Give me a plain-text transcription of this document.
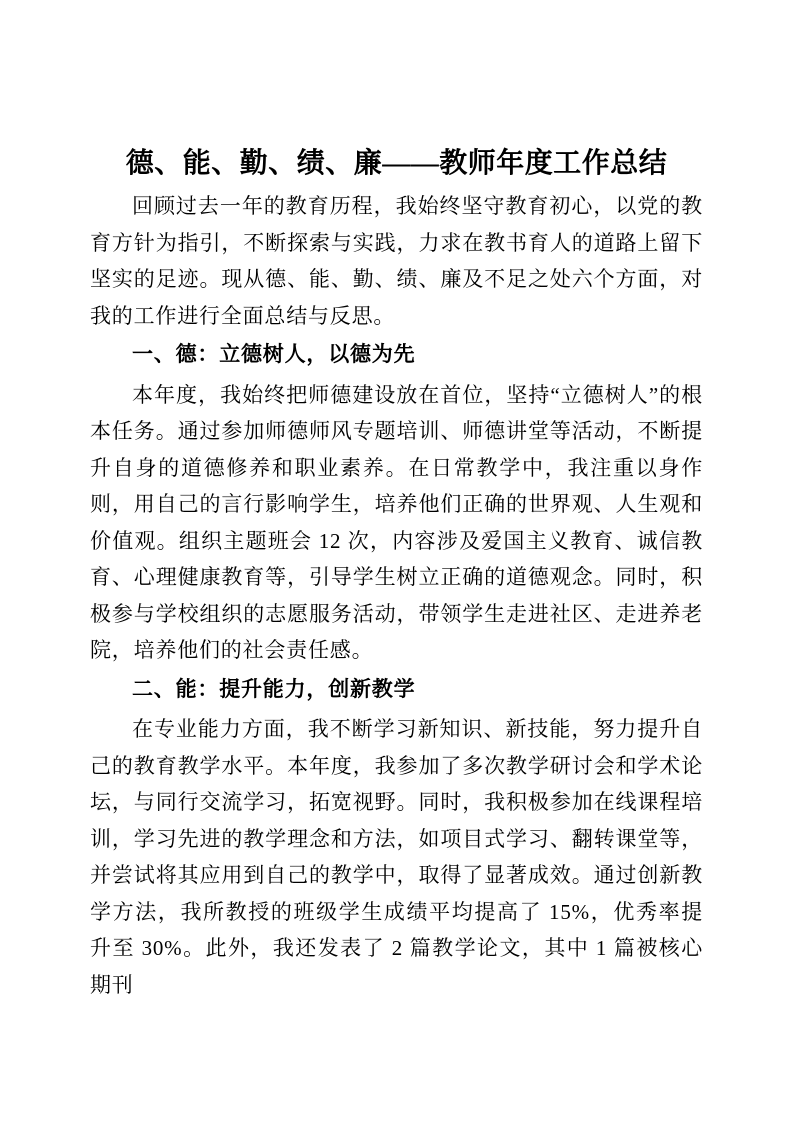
德、能、勤、绩、廉——教师年度工作总结

回顾过去一年的教育历程，我始终坚守教育初心，以党的教育方针为指引，不断探索与实践，力求在教书育人的道路上留下坚实的足迹。现从德、能、勤、绩、廉及不足之处六个方面，对我的工作进行全面总结与反思。

一、德：立德树人，以德为先

本年度，我始终把师德建设放在首位，坚持“立德树人”的根本任务。通过参加师德师风专题培训、师德讲堂等活动，不断提升自身的道德修养和职业素养。在日常教学中，我注重以身作则，用自己的言行影响学生，培养他们正确的世界观、人生观和价值观。组织主题班会 12 次，内容涉及爱国主义教育、诚信教育、心理健康教育等，引导学生树立正确的道德观念。同时，积极参与学校组织的志愿服务活动，带领学生走进社区、走进养老院，培养他们的社会责任感。

二、能：提升能力，创新教学

在专业能力方面，我不断学习新知识、新技能，努力提升自己的教育教学水平。本年度，我参加了多次教学研讨会和学术论坛，与同行交流学习，拓宽视野。同时，我积极参加在线课程培训，学习先进的教学理念和方法，如项目式学习、翻转课堂等，并尝试将其应用到自己的教学中，取得了显著成效。通过创新教学方法，我所教授的班级学生成绩平均提高了 15%，优秀率提升至 30%。此外，我还发表了 2 篇教学论文，其中 1 篇被核心期刊
